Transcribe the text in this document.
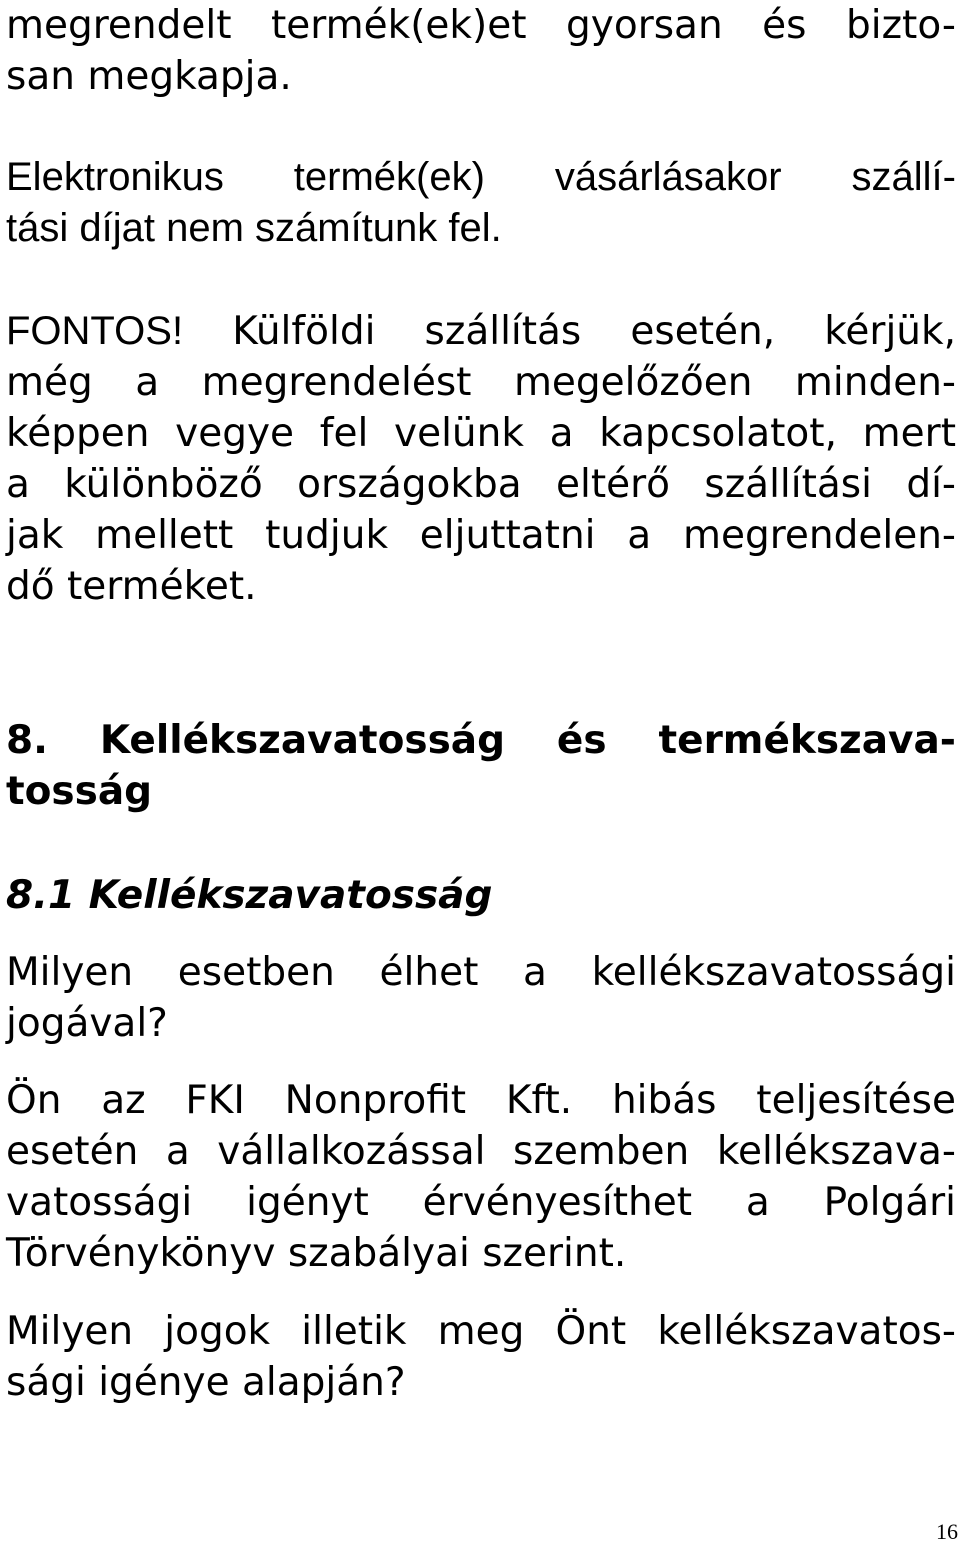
megrendelt termék(ek)et gyorsan és bizto-
san megkapja.
Elektronikus termék(ek) vásárlásakor szállí-
tási díjat nem számítunk fel.
FONTOS! Külföldi szállítás esetén, kérjük,
még a megrendelést megelőzően minden-
képpen vegye fel velünk a kapcsolatot, mert
a különböző országokba eltérő szállítási dí-
jak mellett tudjuk eljuttatni a megrendelen-
dő terméket.
8. Kellékszavatosság és termékszava-
tosság
8.1 Kellékszavatosság
Milyen esetben élhet a kellékszavatossági
jogával?
Ön az FKI Nonprofit Kft. hibás teljesítése
esetén a vállalkozással szemben kellékszava-
vatossági igényt érvényesíthet a Polgári
Törvénykönyv szabályai szerint.
Milyen jogok illetik meg Önt kellékszavatos-
sági igénye alapján?
16
